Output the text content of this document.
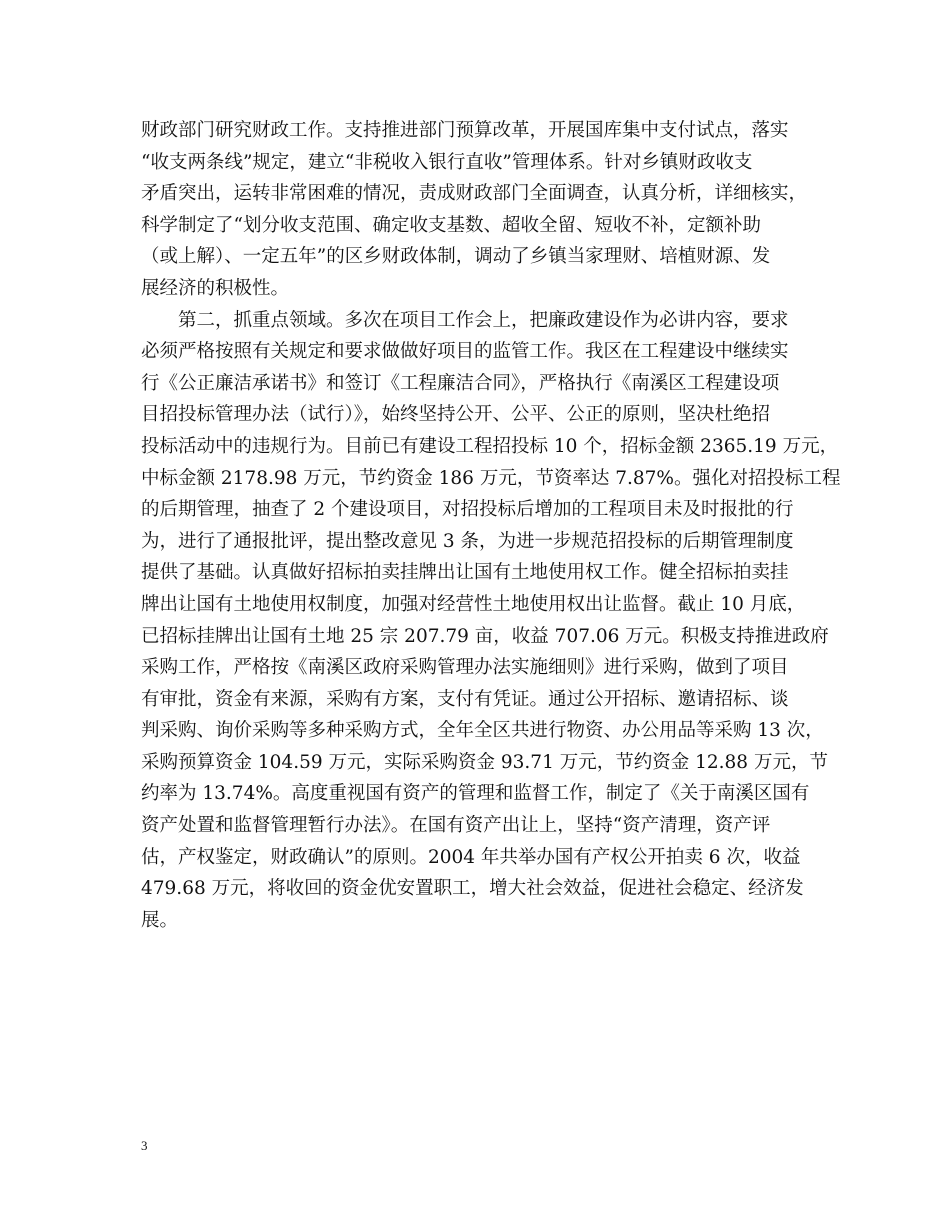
财政部门研究财政工作。支持推进部门预算改革，开展国库集中支付试点，落实
“收支两条线”规定，建立“非税收入银行直收”管理体系。针对乡镇财政收支
矛盾突出，运转非常困难的情况，责成财政部门全面调查，认真分析，详细核实，
科学制定了“划分收支范围、确定收支基数、超收全留、短收不补，定额补助
（或上解）、一定五年”的区乡财政体制，调动了乡镇当家理财、培植财源、发
展经济的积极性。
　　第二，抓重点领域。多次在项目工作会上，把廉政建设作为必讲内容，要求
必须严格按照有关规定和要求做做好项目的监管工作。我区在工程建设中继续实
行《公正廉洁承诺书》和签订《工程廉洁合同》，严格执行《南溪区工程建设项
目招投标管理办法（试行）》，始终坚持公开、公平、公正的原则，坚决杜绝招
投标活动中的违规行为。目前已有建设工程招投标 10 个，招标金额 2365.19 万元，
中标金额 2178.98 万元，节约资金 186 万元，节资率达 7.87%。强化对招投标工程
的后期管理，抽查了 2 个建设项目，对招投标后增加的工程项目未及时报批的行
为，进行了通报批评，提出整改意见 3 条，为进一步规范招投标的后期管理制度
提供了基础。认真做好招标拍卖挂牌出让国有土地使用权工作。健全招标拍卖挂
牌出让国有土地使用权制度，加强对经营性土地使用权出让监督。截止 10 月底，
已招标挂牌出让国有土地 25 宗 207.79 亩，收益 707.06 万元。积极支持推进政府
采购工作，严格按《南溪区政府采购管理办法实施细则》进行采购，做到了项目
有审批，资金有来源，采购有方案，支付有凭证。通过公开招标、邀请招标、谈
判采购、询价采购等多种采购方式，全年全区共进行物资、办公用品等采购 13 次，
采购预算资金 104.59 万元，实际采购资金 93.71 万元，节约资金 12.88 万元，节
约率为 13.74%。高度重视国有资产的管理和监督工作，制定了《关于南溪区国有
资产处置和监督管理暂行办法》。在国有资产出让上，坚持“资产清理，资产评
估，产权鉴定，财政确认”的原则。2004 年共举办国有产权公开拍卖 6 次，收益
479.68 万元，将收回的资金优安置职工，增大社会效益，促进社会稳定、经济发
展。
3
